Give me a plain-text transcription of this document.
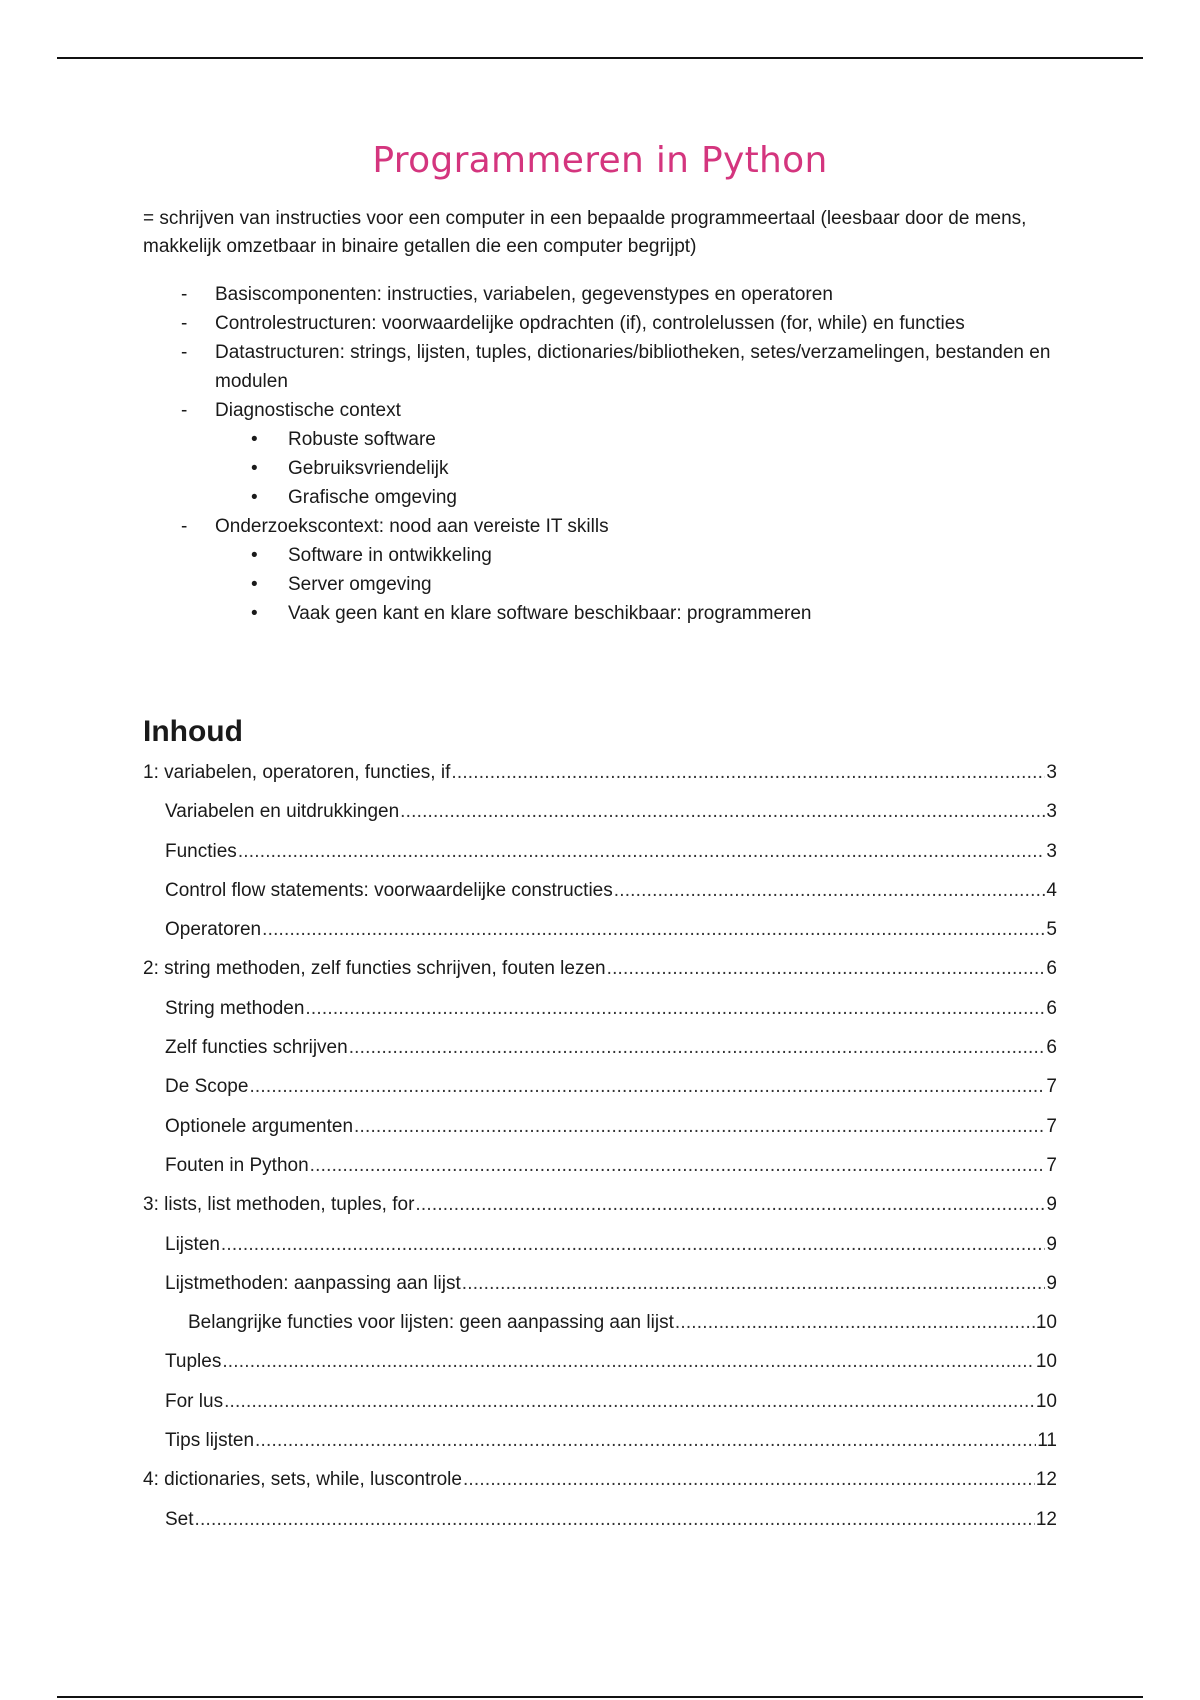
Programmeren in Python

= schrijven van instructies voor een computer in een bepaalde programmeertaal (leesbaar door de mens, makkelijk omzetbaar in binaire getallen die een computer begrijpt)

- Basiscomponenten: instructies, variabelen, gegevenstypes en operatoren
- Controlestructuren: voorwaardelijke opdrachten (if), controlelussen (for, while) en functies
- Datastructuren: strings, lijsten, tuples, dictionaries/bibliotheken, setes/verzamelingen, bestanden en modulen
- Diagnostische context
• Robuste software
• Gebruiksvriendelijk
• Grafische omgeving
- Onderzoekscontext: nood aan vereiste IT skills
• Software in ontwikkeling
• Server omgeving
• Vaak geen kant en klare software beschikbaar: programmeren
Inhoud
1: variabelen, operatoren, functies, if .....	3
Variabelen en uitdrukkingen .....	3
Functies .....	3
Control flow statements: voorwaardelijke constructies .....	4
Operatoren .....	5
2: string methoden, zelf functies schrijven, fouten lezen .....	6
String methoden .....	6
Zelf functies schrijven .....	6
De Scope .....	7
Optionele argumenten .....	7
Fouten in Python .....	7
3: lists, list methoden, tuples, for .....	9
Lijsten .....	9
Lijstmethoden: aanpassing aan lijst .....	9
Belangrijke functies voor lijsten: geen aanpassing aan lijst .....	10
Tuples .....	10
For lus .....	10
Tips lijsten .....	11
4: dictionaries, sets, while, luscontrole .....	12
Set .....	12
